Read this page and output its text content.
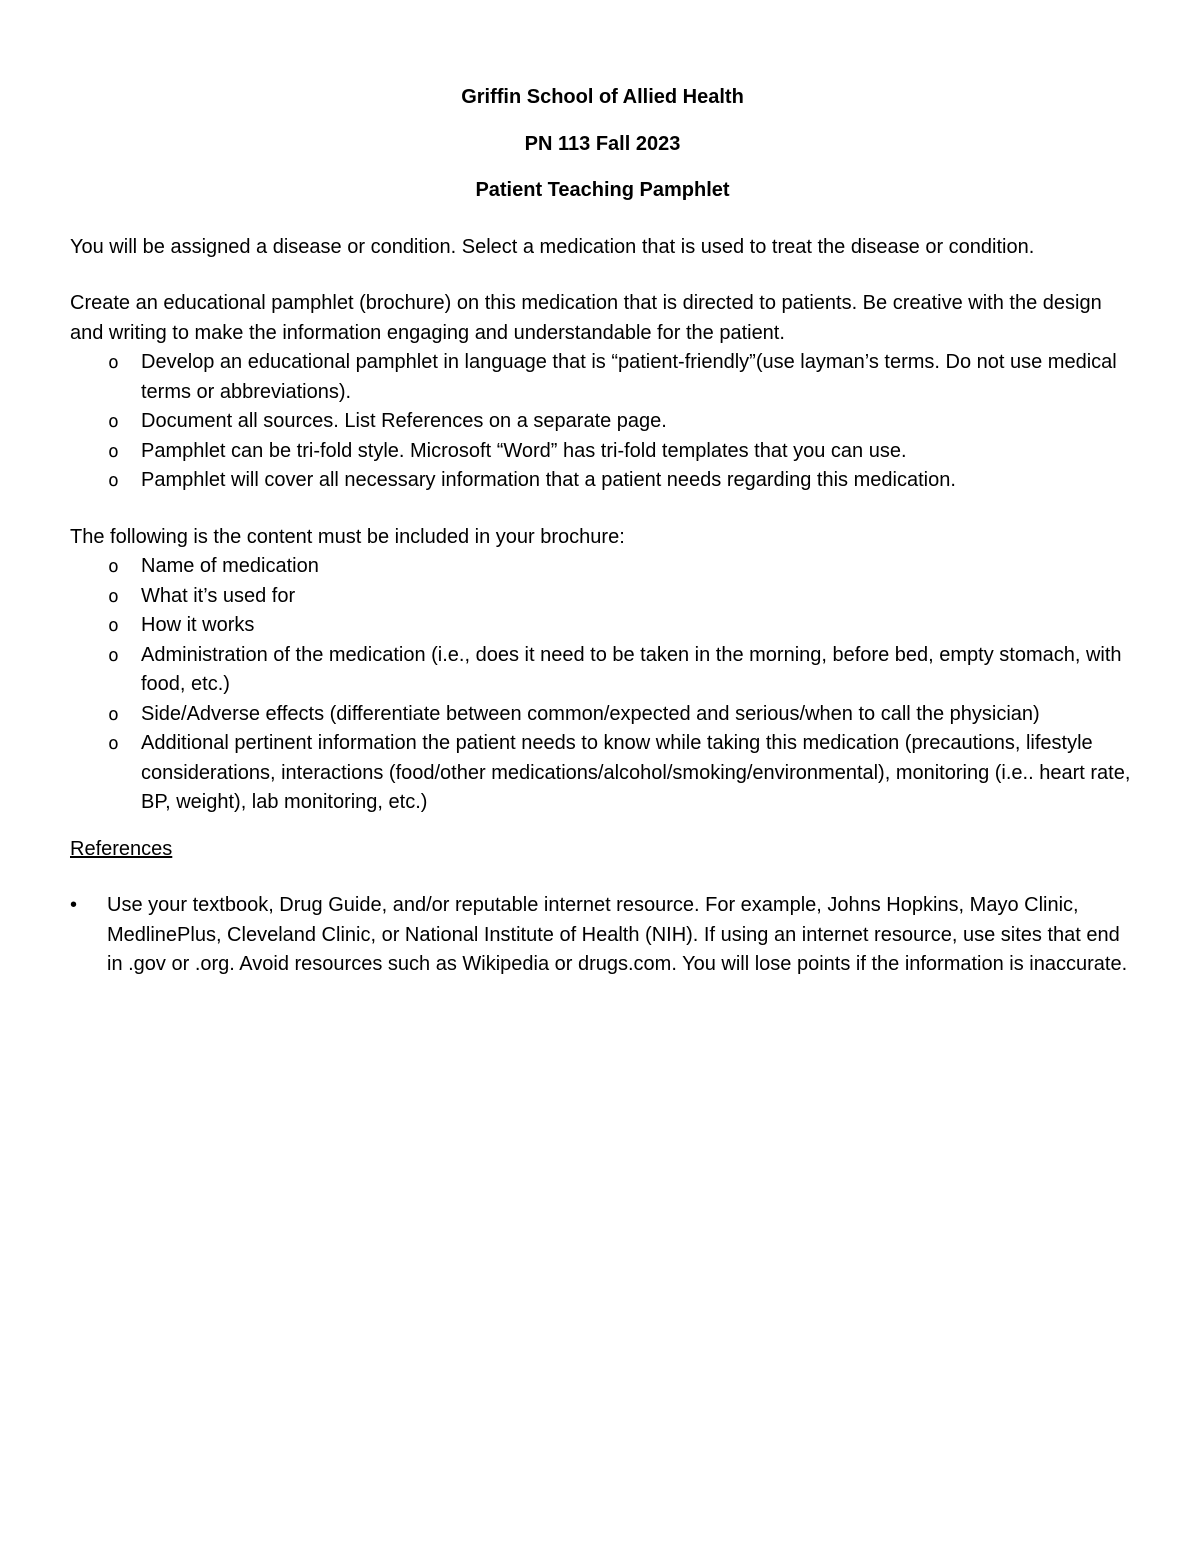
Griffin School of Allied Health

PN 113 Fall 2023

Patient Teaching Pamphlet

You will be assigned a disease or condition. Select a medication that is used to treat the disease or condition.

Create an educational pamphlet (brochure) on this medication that is directed to patients. Be creative with the design and writing to make the information engaging and understandable for the patient.

o Develop an educational pamphlet in language that is “patient-friendly”(use layman’s terms. Do not use medical terms or abbreviations).
o Document all sources. List References on a separate page.
o Pamphlet can be tri-fold style. Microsoft “Word” has tri-fold templates that you can use.
o Pamphlet will cover all necessary information that a patient needs regarding this medication.

The following is the content must be included in your brochure:

o Name of medication
o What it’s used for
o How it works
o Administration of the medication (i.e., does it need to be taken in the morning, before bed, empty stomach, with food, etc.)
o Side/Adverse effects (differentiate between common/expected and serious/when to call the physician)
o Additional pertinent information the patient needs to know while taking this medication (precautions, lifestyle considerations, interactions (food/other medications/alcohol/smoking/environmental), monitoring (i.e.. heart rate, BP, weight), lab monitoring, etc.)

References

• Use your textbook, Drug Guide, and/or reputable internet resource. For example, Johns Hopkins, Mayo Clinic, MedlinePlus, Cleveland Clinic, or National Institute of Health (NIH). If using an internet resource, use sites that end in .gov or .org. Avoid resources such as Wikipedia or drugs.com. You will lose points if the information is inaccurate.
